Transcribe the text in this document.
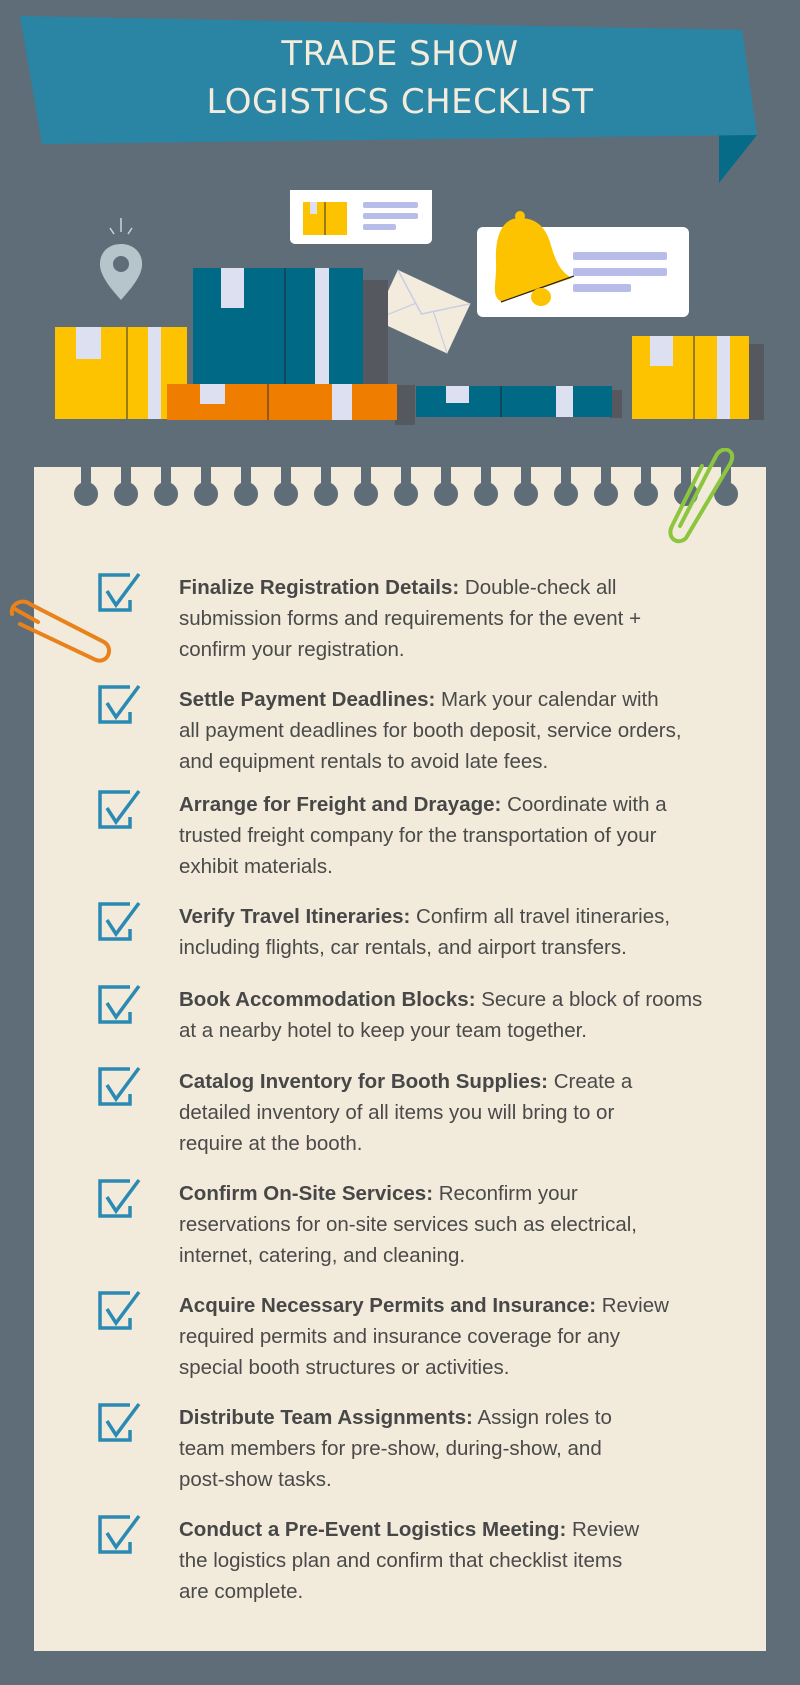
TRADE SHOW
LOGISTICS CHECKLIST
Finalize Registration Details: Double-check all
submission forms and requirements for the event +
confirm your registration.
Settle Payment Deadlines: Mark your calendar with
all payment deadlines for booth deposit, service orders,
and equipment rentals to avoid late fees.
Arrange for Freight and Drayage: Coordinate with a
trusted freight company for the transportation of your
exhibit materials.
Verify Travel Itineraries: Confirm all travel itineraries,
including flights, car rentals, and airport transfers.
Book Accommodation Blocks: Secure a block of rooms
at a nearby hotel to keep your team together.
Catalog Inventory for Booth Supplies: Create a
detailed inventory of all items you will bring to or
require at the booth.
Confirm On-Site Services: Reconfirm your
reservations for on-site services such as electrical,
internet, catering, and cleaning.
Acquire Necessary Permits and Insurance: Review
required permits and insurance coverage for any
special booth structures or activities.
Distribute Team Assignments: Assign roles to
team members for pre-show, during-show, and
post-show tasks.
Conduct a Pre-Event Logistics Meeting: Review
the logistics plan and confirm that checklist items
are complete.
